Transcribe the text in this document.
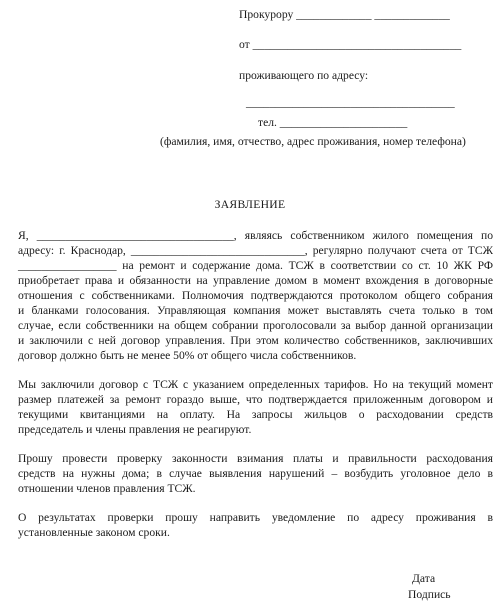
Прокурору _____________ _____________
от ____________________________________
проживающего по адресу:
____________________________________
тел. ______________________
(фамилия, имя, отчество, адрес проживания, номер телефона)
ЗАЯВЛЕНИЕ
Я, __________________________________, являясь собственником жилого помещения по
адресу: г. Краснодар, ______________________________, регулярно получают счета от ТСЖ
_________________ на ремонт и содержание дома. ТСЖ в соответствии со ст. 10 ЖК РФ
приобретает права и обязанности на управление домом в момент вхождения в договорные
отношения с собственниками. Полномочия подтверждаются протоколом общего собрания
и бланками голосования. Управляющая компания может выставлять счета только в том
случае, если собственники на общем собрании проголосовали за выбор данной организации
и заключили с ней договор управления. При этом количество собственников, заключивших
договор должно быть не менее 50% от общего числа собственников.
Мы заключили договор с ТСЖ с указанием определенных тарифов. Но на текущий момент
размер платежей за ремонт гораздо выше, что подтверждается приложенным договором и
текущими квитанциями на оплату. На запросы жильцов о расходовании средств
председатель и члены правления не реагируют.
Прошу провести проверку законности взимания платы и правильности расходования
средств на нужны дома; в случае выявления нарушений – возбудить уголовное дело в
отношении членов правления ТСЖ.
О результатах проверки прошу направить уведомление по адресу проживания в
установленные законом сроки.
Дата
Подпись
